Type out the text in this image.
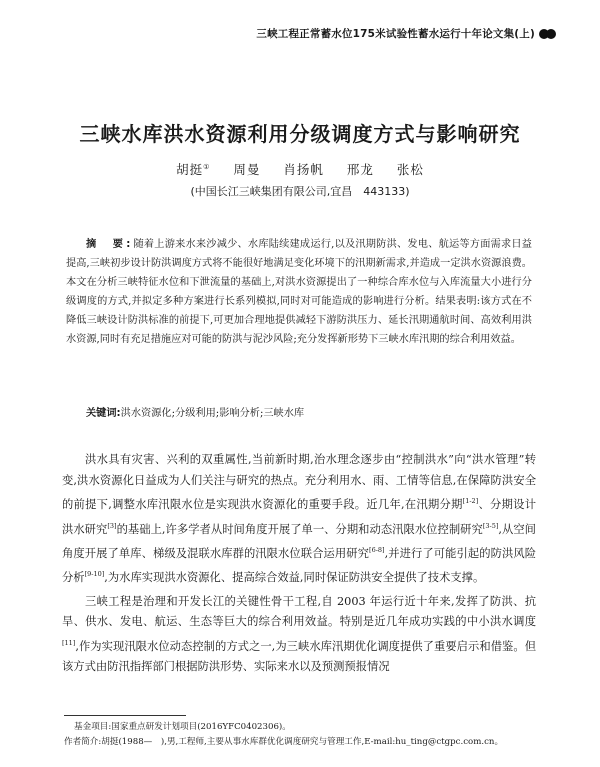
三峡工程正常蓄水位175米试验性蓄水运行十年论文集(上)
三峡水库洪水资源利用分级调度方式与影响研究
胡挺① 周曼 肖扬帆 邢龙 张松
(中国长江三峡集团有限公司,宜昌　443133)

摘　要:随着上游来水来沙减少、水库陆续建成运行,以及汛期防洪、发电、航运等方面需求日益提高,三峡初步设计防洪调度方式将不能很好地满足变化环境下的汛期新需求,并造成一定洪水资源浪费。本文在分析三峡特征水位和下泄流量的基础上,对洪水资源提出了一种综合库水位与入库流量大小进行分级调度的方式,并拟定多种方案进行长系列模拟,同时对可能造成的影响进行分析。结果表明:该方式在不降低三峡设计防洪标准的前提下,可更加合理地提供减轻下游防洪压力、延长汛期通航时间、高效利用洪水资源,同时有充足措施应对可能的防洪与泥沙风险;充分发挥新形势下三峡水库汛期的综合利用效益。

关键词:洪水资源化;分级利用;影响分析;三峡水库

洪水具有灾害、兴利的双重属性,当前新时期,治水理念逐步由“控制洪水”向“洪水管理”转变,洪水资源化日益成为人们关注与研究的热点。充分利用水、雨、工情等信息,在保障防洪安全的前提下,调整水库汛限水位是实现洪水资源化的重要手段。近几年,在汛期分期[1-2]、分期设计洪水研究[3]的基础上,许多学者从时间角度开展了单一、分期和动态汛限水位控制研究[3-5],从空间角度开展了单库、梯级及混联水库群的汛限水位联合运用研究[6-8],并进行了可能引起的防洪风险分析[9-10],为水库实现洪水资源化、提高综合效益,同时保证防洪安全提供了技术支撑。

三峡工程是治理和开发长江的关键性骨干工程,自 2003 年运行近十年来,发挥了防洪、抗旱、供水、发电、航运、生态等巨大的综合利用效益。特别是近几年成功实践的中小洪水调度[11],作为实现汛限水位动态控制的方式之一,为三峡水库汛期优化调度提供了重要启示和借鉴。但该方式由防汛指挥部门根据防洪形势、实际来水以及预测预报情况

基金项目:国家重点研发计划项目(2016YFC0402306)。

作者简介:胡挺(1988—　),男,工程师,主要从事水库群优化调度研究与管理工作,E-mail:hu_ting@ctgpc.com.cn。
